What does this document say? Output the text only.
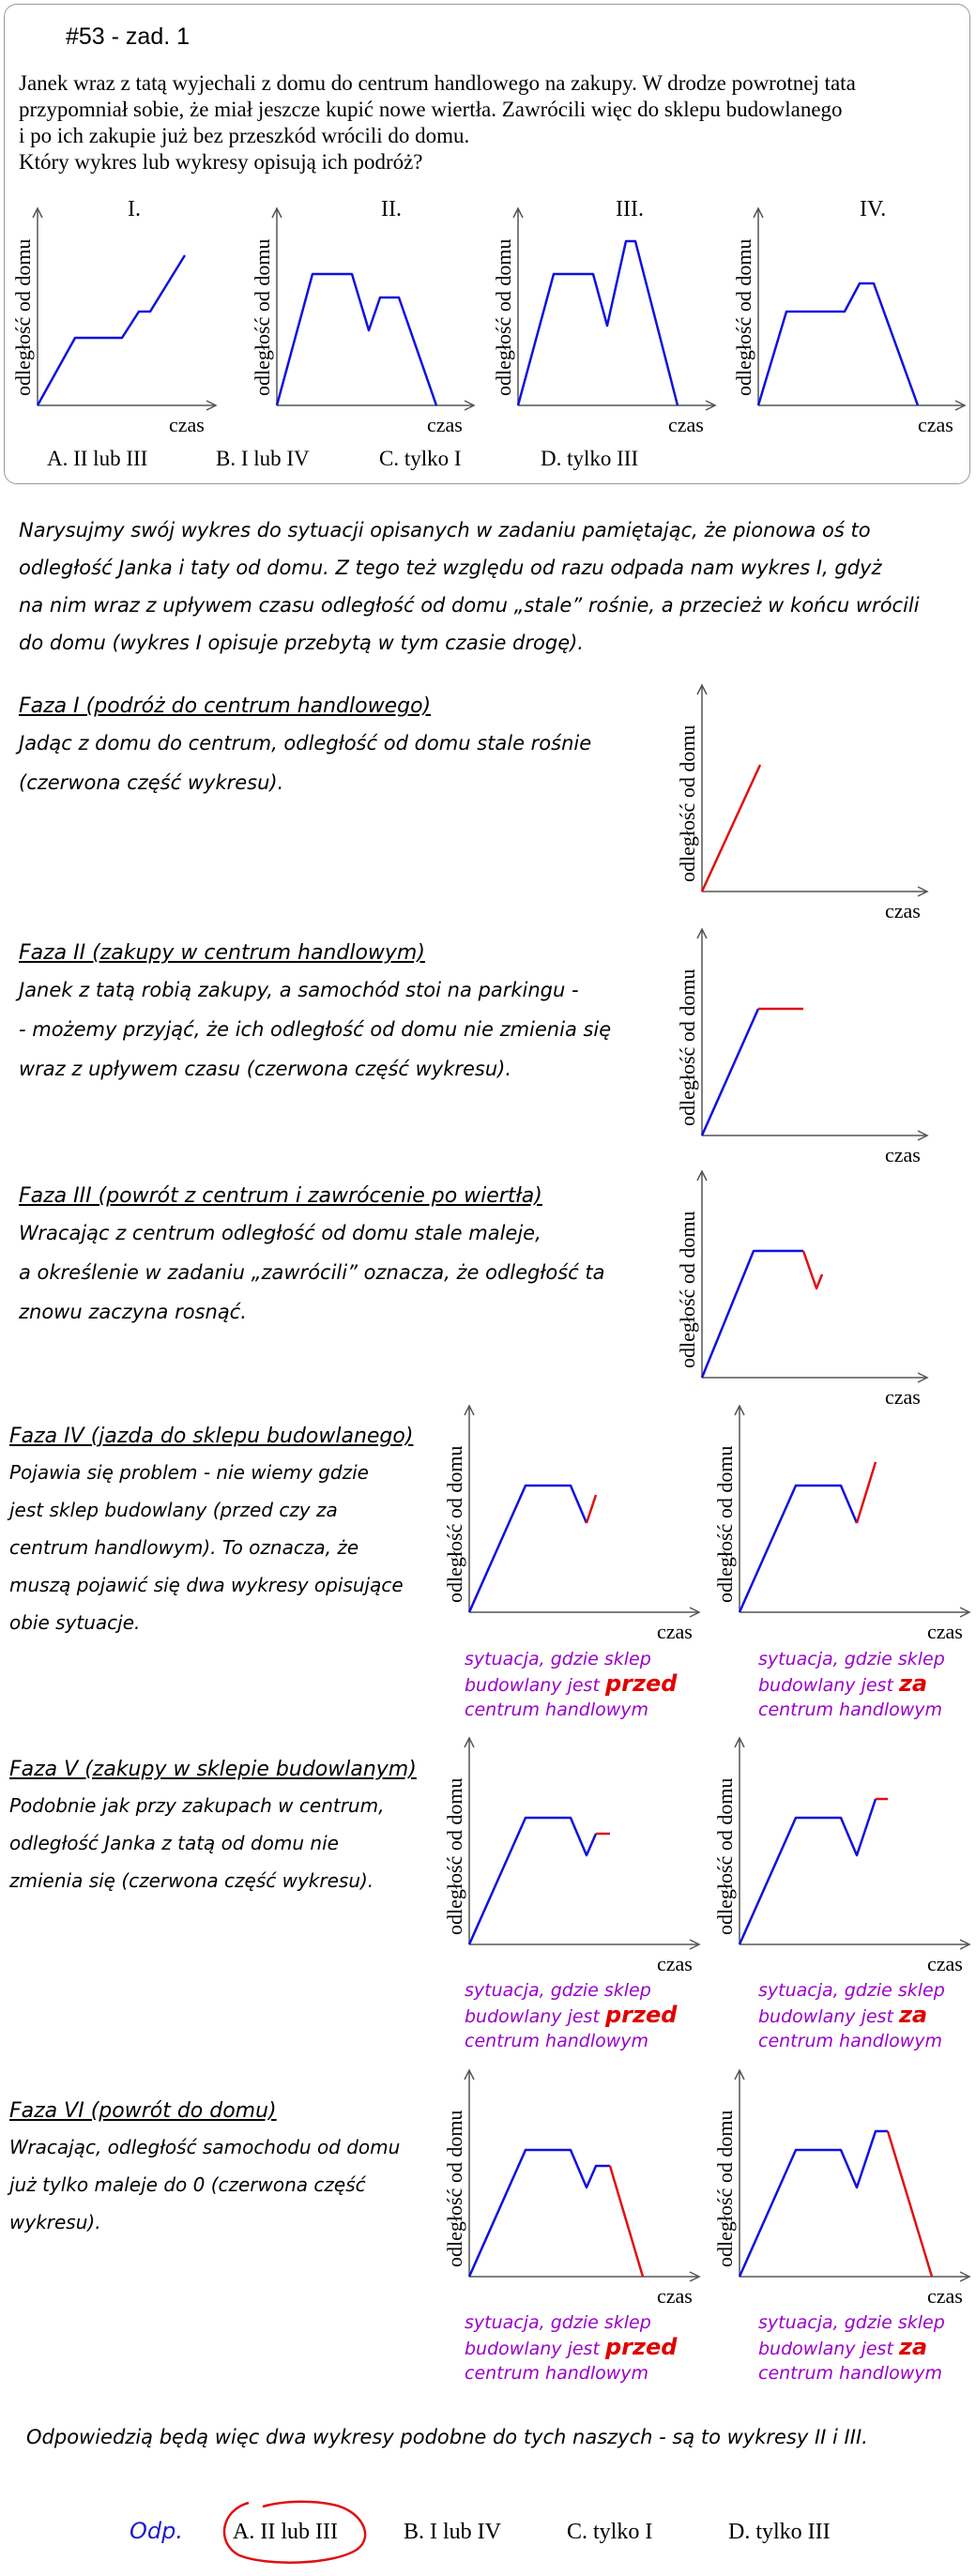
#53 - zad. 1
Janek wraz z tatą wyjechali z domu do centrum handlowego na zakupy. W drodze powrotnej tata
przypomniał sobie, że miał jeszcze kupić nowe wiertła. Zawrócili więc do sklepu budowlanego
i po ich zakupie już bez przeszkód wrócili do domu.
Który wykres lub wykresy opisują ich podróż?
I.	II.	III.	IV.
A. II lub III	B. I lub IV	C. tylko I	D. tylko III
Narysujmy swój wykres do sytuacji opisanych w zadaniu pamiętając, że pionowa oś to
odległość Janka i taty od domu. Z tego też względu od razu odpada nam wykres I, gdyż
na nim wraz z upływem czasu odległość od domu „stale” rośnie, a przecież w końcu wrócili
do domu (wykres I opisuje przebytą w tym czasie drogę).
Faza I (podróż do centrum handlowego)
Jadąc z domu do centrum, odległość od domu stale rośnie
(czerwona część wykresu).
Faza II (zakupy w centrum handlowym)
Janek z tatą robią zakupy, a samochód stoi na parkingu -
- możemy przyjąć, że ich odległość od domu nie zmienia się
wraz z upływem czasu (czerwona część wykresu).
Faza III (powrót z centrum i zawrócenie po wiertła)
Wracając z centrum odległość od domu stale maleje,
a określenie w zadaniu „zawrócili” oznacza, że odległość ta
znowu zaczyna rosnąć.
Faza IV (jazda do sklepu budowlanego)
Pojawia się problem - nie wiemy gdzie
jest sklep budowlany (przed czy za
centrum handlowym). To oznacza, że
muszą pojawić się dwa wykresy opisujące
obie sytuacje.
Faza V (zakupy w sklepie budowlanym)
Podobnie jak przy zakupach w centrum,
odległość Janka z tatą od domu nie
zmienia się (czerwona część wykresu).
Faza VI (powrót do domu)
Wracając, odległość samochodu od domu
już tylko maleje do 0 (czerwona część
wykresu).
sytuacja, gdzie sklep
budowlany jest przed
centrum handlowym
sytuacja, gdzie sklep
budowlany jest za
centrum handlowym
sytuacja, gdzie sklep
budowlany jest przed
centrum handlowym
sytuacja, gdzie sklep
budowlany jest za
centrum handlowym
sytuacja, gdzie sklep
budowlany jest przed
centrum handlowym
sytuacja, gdzie sklep
budowlany jest za
centrum handlowym
Odpowiedzią będą więc dwa wykresy podobne do tych naszych - są to wykresy II i III.
Odp. A. II lub III	B. I lub IV	C. tylko I	D. tylko III
odległość od domu
czas
odległość od domu
czas
odległość od domu
czas
odległość od domu
czas
odległość od domu
czas
odległość od domu
czas
odległość od domu
czas
odległość od domu
czas
odległość od domu
czas
odległość od domu
czas
odległość od domu
czas
odległość od domu
czas
odległość od domu
czas
